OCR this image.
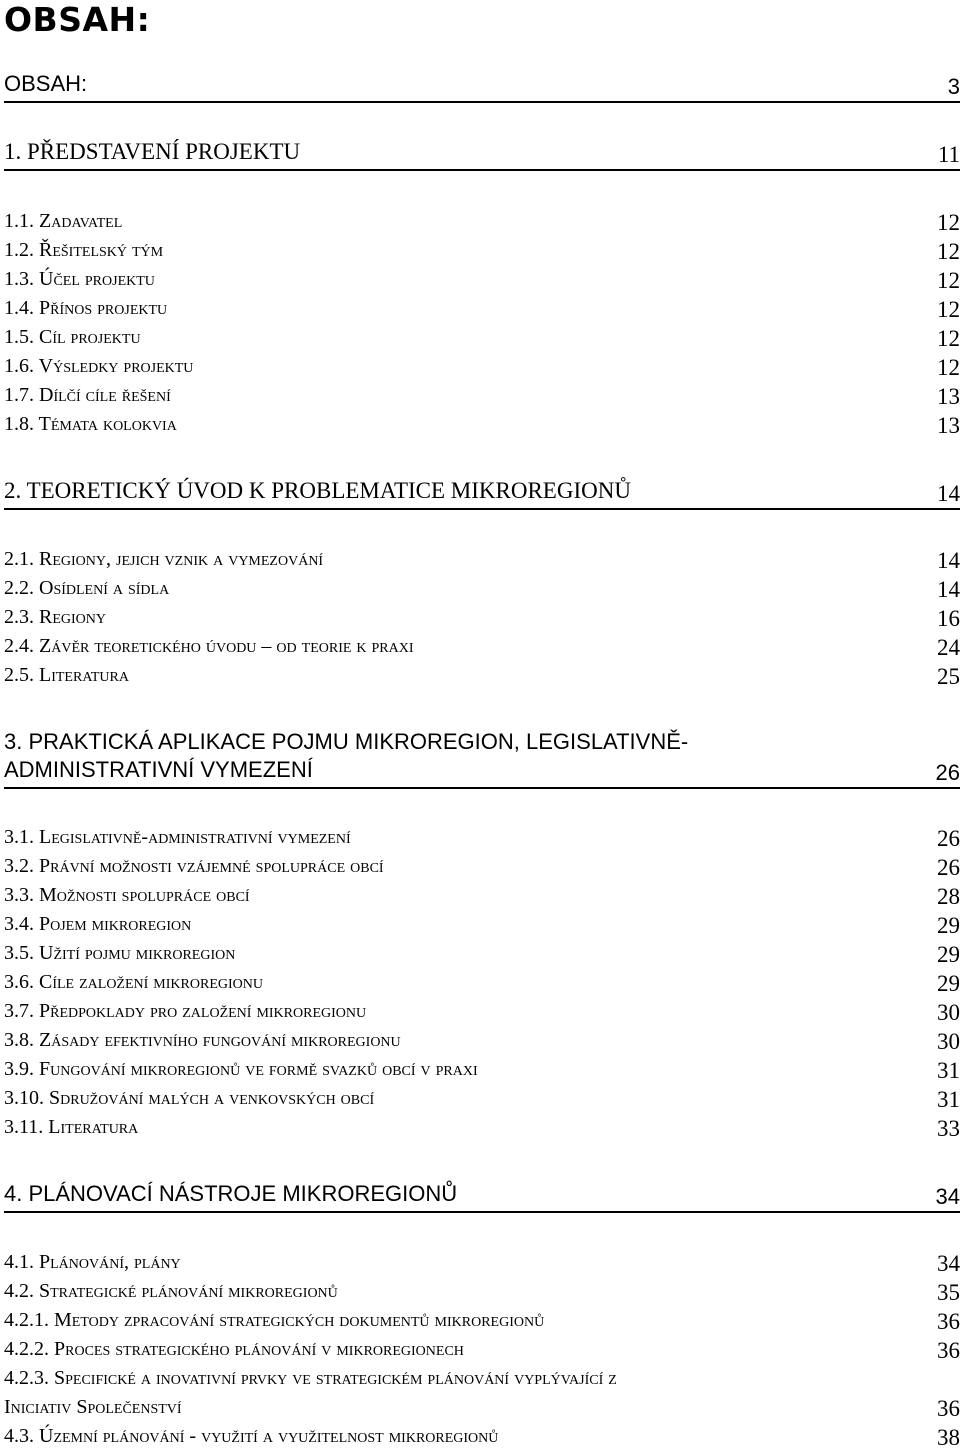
OBSAH:
OBSAH:	3
1. PŘEDSTAVENÍ PROJEKTU	11
1.1. Zadavatel	12
1.2. Řešitelský tým	12
1.3. Účel projektu	12
1.4. Přínos projektu	12
1.5. Cíl projektu	12
1.6. Výsledky projektu	12
1.7. Dílčí cíle řešení	13
1.8. Témata kolokvia	13
2. TEORETICKÝ ÚVOD K PROBLEMATICE MIKROREGIONŮ	14
2.1. Regiony, jejich vznik a vymezování	14
2.2. Osídlení a sídla	14
2.3. Regiony	16
2.4. Závěr teoretického úvodu – od teorie k praxi	24
2.5. Literatura	25
3. PRAKTICKÁ APLIKACE POJMU MIKROREGION, LEGISLATIVNĚ-
ADMINISTRATIVNÍ VYMEZENÍ	26
3.1. Legislativně-administrativní vymezení	26
3.2. Právní možnosti vzájemné spolupráce obcí	26
3.3. Možnosti spolupráce obcí	28
3.4. Pojem mikroregion	29
3.5. Užití pojmu mikroregion	29
3.6. Cíle založení mikroregionu	29
3.7. Předpoklady pro založení mikroregionu	30
3.8. Zásady efektivního fungování mikroregionu	30
3.9. Fungování mikroregionů ve formě svazků obcí v praxi	31
3.10. Sdružování malých a venkovských obcí	31
3.11. Literatura	33
4. PLÁNOVACÍ NÁSTROJE MIKROREGIONŮ	34
4.1. Plánování, plány	34
4.2. Strategické plánování mikroregionů	35
4.2.1. Metody zpracování strategických dokumentů mikroregionů	36
4.2.2. Proces strategického plánování v mikroregionech	36
4.2.3. Specifické a inovativní prvky ve strategickém plánování vyplývající z
Iniciativ Společenství	36
4.3. Územní plánování - využití a využitelnost mikroregionů	38
